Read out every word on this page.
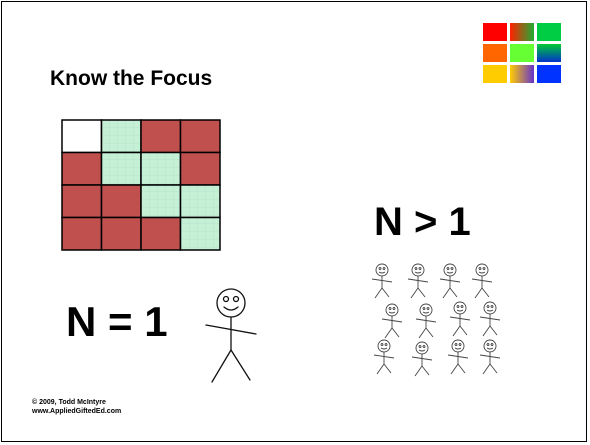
Know the Focus
N = 1
N > 1
© 2009, Todd McIntyre
www.AppliedGiftedEd.com
